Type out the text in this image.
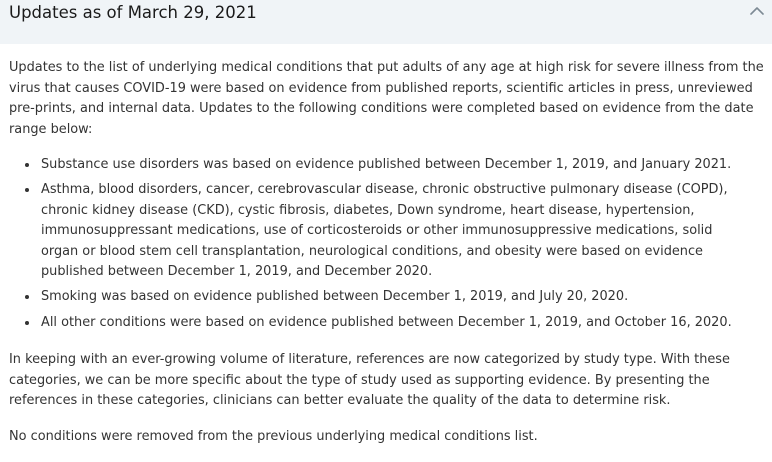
Updates as of March 29, 2021

Updates to the list of underlying medical conditions that put adults of any age at high risk for severe illness from the
virus that causes COVID-19 were based on evidence from published reports, scientific articles in press, unreviewed
pre-prints, and internal data. Updates to the following conditions were completed based on evidence from the date
range below:

Substance use disorders was based on evidence published between December 1, 2019, and January 2021.
Asthma, blood disorders, cancer, cerebrovascular disease, chronic obstructive pulmonary disease (COPD),
chronic kidney disease (CKD), cystic fibrosis, diabetes, Down syndrome, heart disease, hypertension,
immunosuppressant medications, use of corticosteroids or other immunosuppressive medications, solid
organ or blood stem cell transplantation, neurological conditions, and obesity were based on evidence
published between December 1, 2019, and December 2020.
Smoking was based on evidence published between December 1, 2019, and July 20, 2020.
All other conditions were based on evidence published between December 1, 2019, and October 16, 2020.

In keeping with an ever-growing volume of literature, references are now categorized by study type. With these
categories, we can be more specific about the type of study used as supporting evidence. By presenting the
references in these categories, clinicians can better evaluate the quality of the data to determine risk.

No conditions were removed from the previous underlying medical conditions list.
